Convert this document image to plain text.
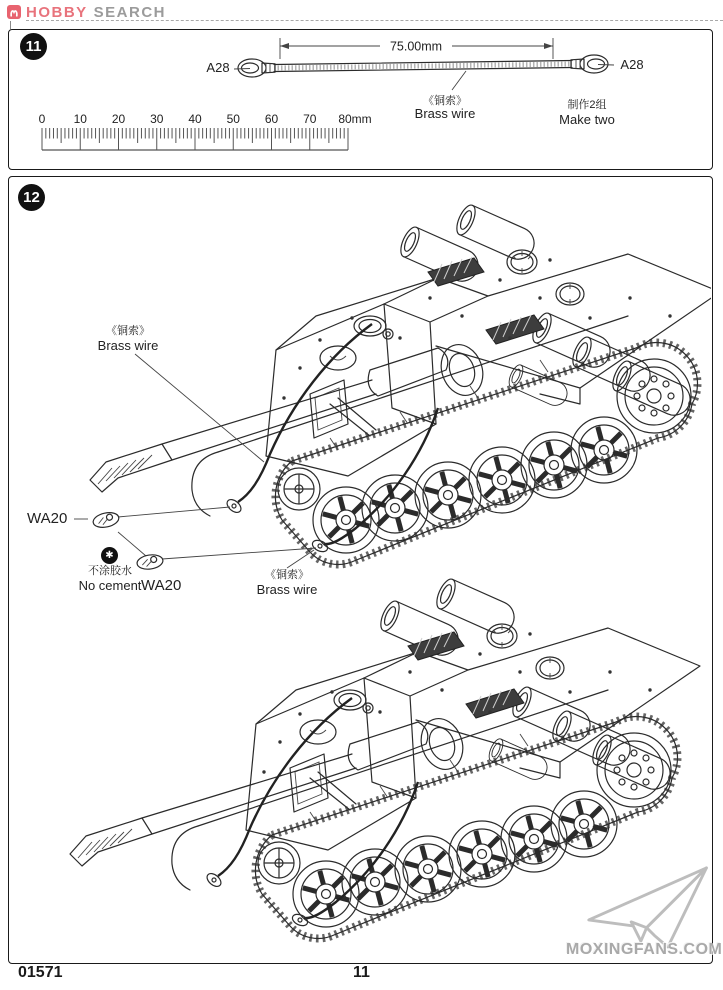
HOBBY SEARCH
11	75.00mm
A28	A28
《铜索》
Brass wire
制作2组
Make two
0 10 20 30 40 50 60 70 80mm
12
《铜索》
Brass wire
WA20
✱
不涂胶水
No cement WA20
《铜索》
Brass wire
MOXINGFANS.COM
01571	11
